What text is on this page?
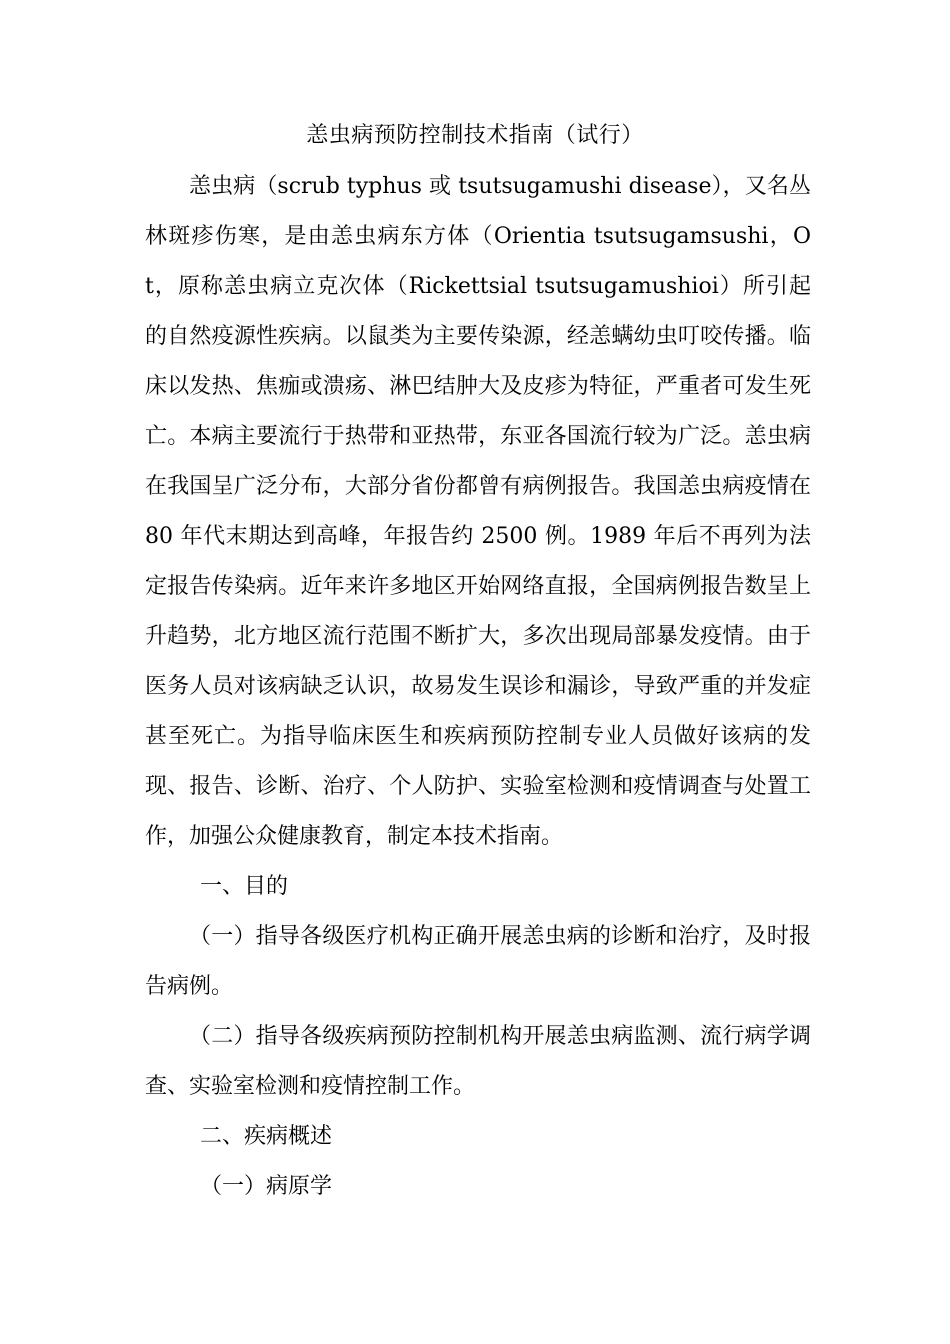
恙虫病预防控制技术指南（试行）

恙虫病（scrub typhus 或 tsutsugamushi disease），又名丛林斑疹伤寒，是由恙虫病东方体（Orientia tsutsugamsushi，Ot，原称恙虫病立克次体（Rickettsial tsutsugamushioi）所引起的自然疫源性疾病。以鼠类为主要传染源，经恙螨幼虫叮咬传播。临床以发热、焦痂或溃疡、淋巴结肿大及皮疹为特征，严重者可发生死亡。本病主要流行于热带和亚热带，东亚各国流行较为广泛。恙虫病在我国呈广泛分布，大部分省份都曾有病例报告。我国恙虫病疫情在 80 年代末期达到高峰，年报告约 2500 例。1989 年后不再列为法定报告传染病。近年来许多地区开始网络直报，全国病例报告数呈上升趋势，北方地区流行范围不断扩大，多次出现局部暴发疫情。由于医务人员对该病缺乏认识，故易发生误诊和漏诊，导致严重的并发症甚至死亡。为指导临床医生和疾病预防控制专业人员做好该病的发现、报告、诊断、治疗、个人防护、实验室检测和疫情调查与处置工作，加强公众健康教育，制定本技术指南。

一、目的

（一）指导各级医疗机构正确开展恙虫病的诊断和治疗，及时报告病例。

（二）指导各级疾病预防控制机构开展恙虫病监测、流行病学调查、实验室检测和疫情控制工作。

二、疾病概述

（一）病原学
